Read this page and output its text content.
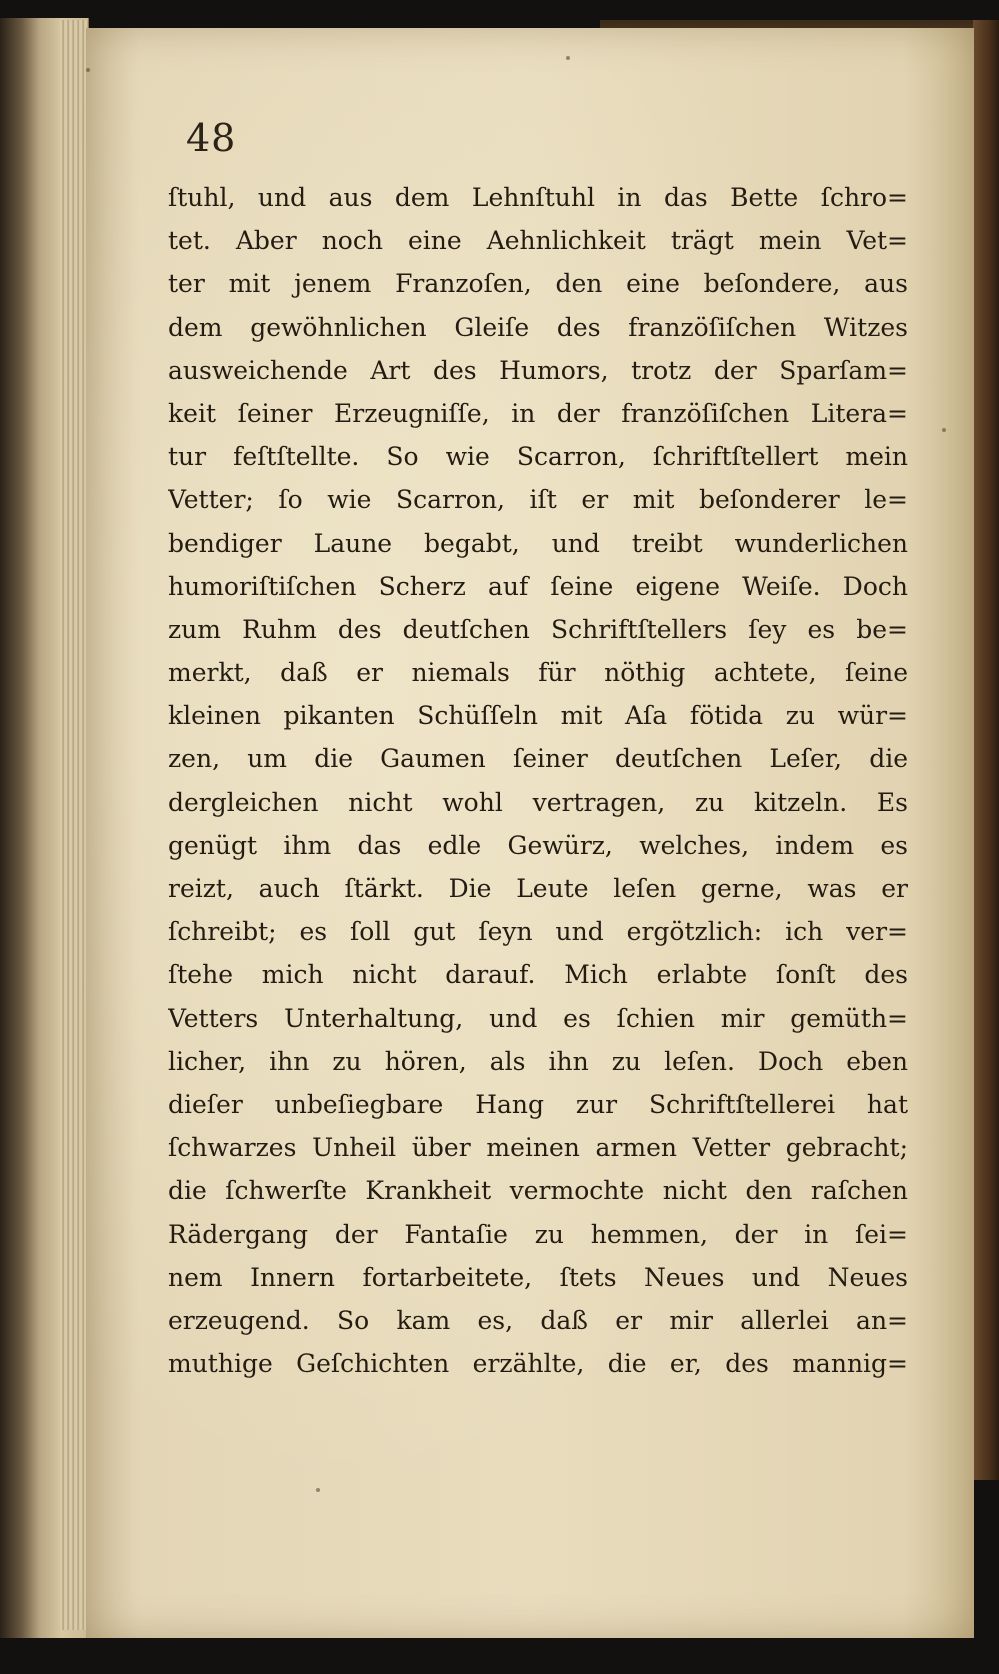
48
ſtuhl, und aus dem Lehnſtuhl in das Bette ſchro=
tet. Aber noch eine Aehnlichkeit trägt mein Vet=
ter mit jenem Franzoſen, den eine beſondere, aus
dem gewöhnlichen Gleiſe des franzöſiſchen Witzes
ausweichende Art des Humors, trotz der Sparſam=
keit ſeiner Erzeugniſſe, in der franzöſiſchen Litera=
tur feſtſtellte. So wie Scarron, ſchriftſtellert mein
Vetter; ſo wie Scarron, iſt er mit beſonderer le=
bendiger Laune begabt, und treibt wunderlichen
humoriſtiſchen Scherz auf ſeine eigene Weiſe. Doch
zum Ruhm des deutſchen Schriftſtellers ſey es be=
merkt, daß er niemals für nöthig achtete, ſeine
kleinen pikanten Schüſſeln mit Aſa fötida zu wür=
zen, um die Gaumen ſeiner deutſchen Leſer, die
dergleichen nicht wohl vertragen, zu kitzeln. Es
genügt ihm das edle Gewürz, welches, indem es
reizt, auch ſtärkt. Die Leute leſen gerne, was er
ſchreibt; es ſoll gut ſeyn und ergötzlich: ich ver=
ſtehe mich nicht darauf. Mich erlabte ſonſt des
Vetters Unterhaltung, und es ſchien mir gemüth=
licher, ihn zu hören, als ihn zu leſen. Doch eben
dieſer unbeſiegbare Hang zur Schriftſtellerei hat
ſchwarzes Unheil über meinen armen Vetter gebracht;
die ſchwerſte Krankheit vermochte nicht den raſchen
Rädergang der Fantaſie zu hemmen, der in ſei=
nem Innern fortarbeitete, ſtets Neues und Neues
erzeugend. So kam es, daß er mir allerlei an=
muthige Geſchichten erzählte, die er, des mannig=
